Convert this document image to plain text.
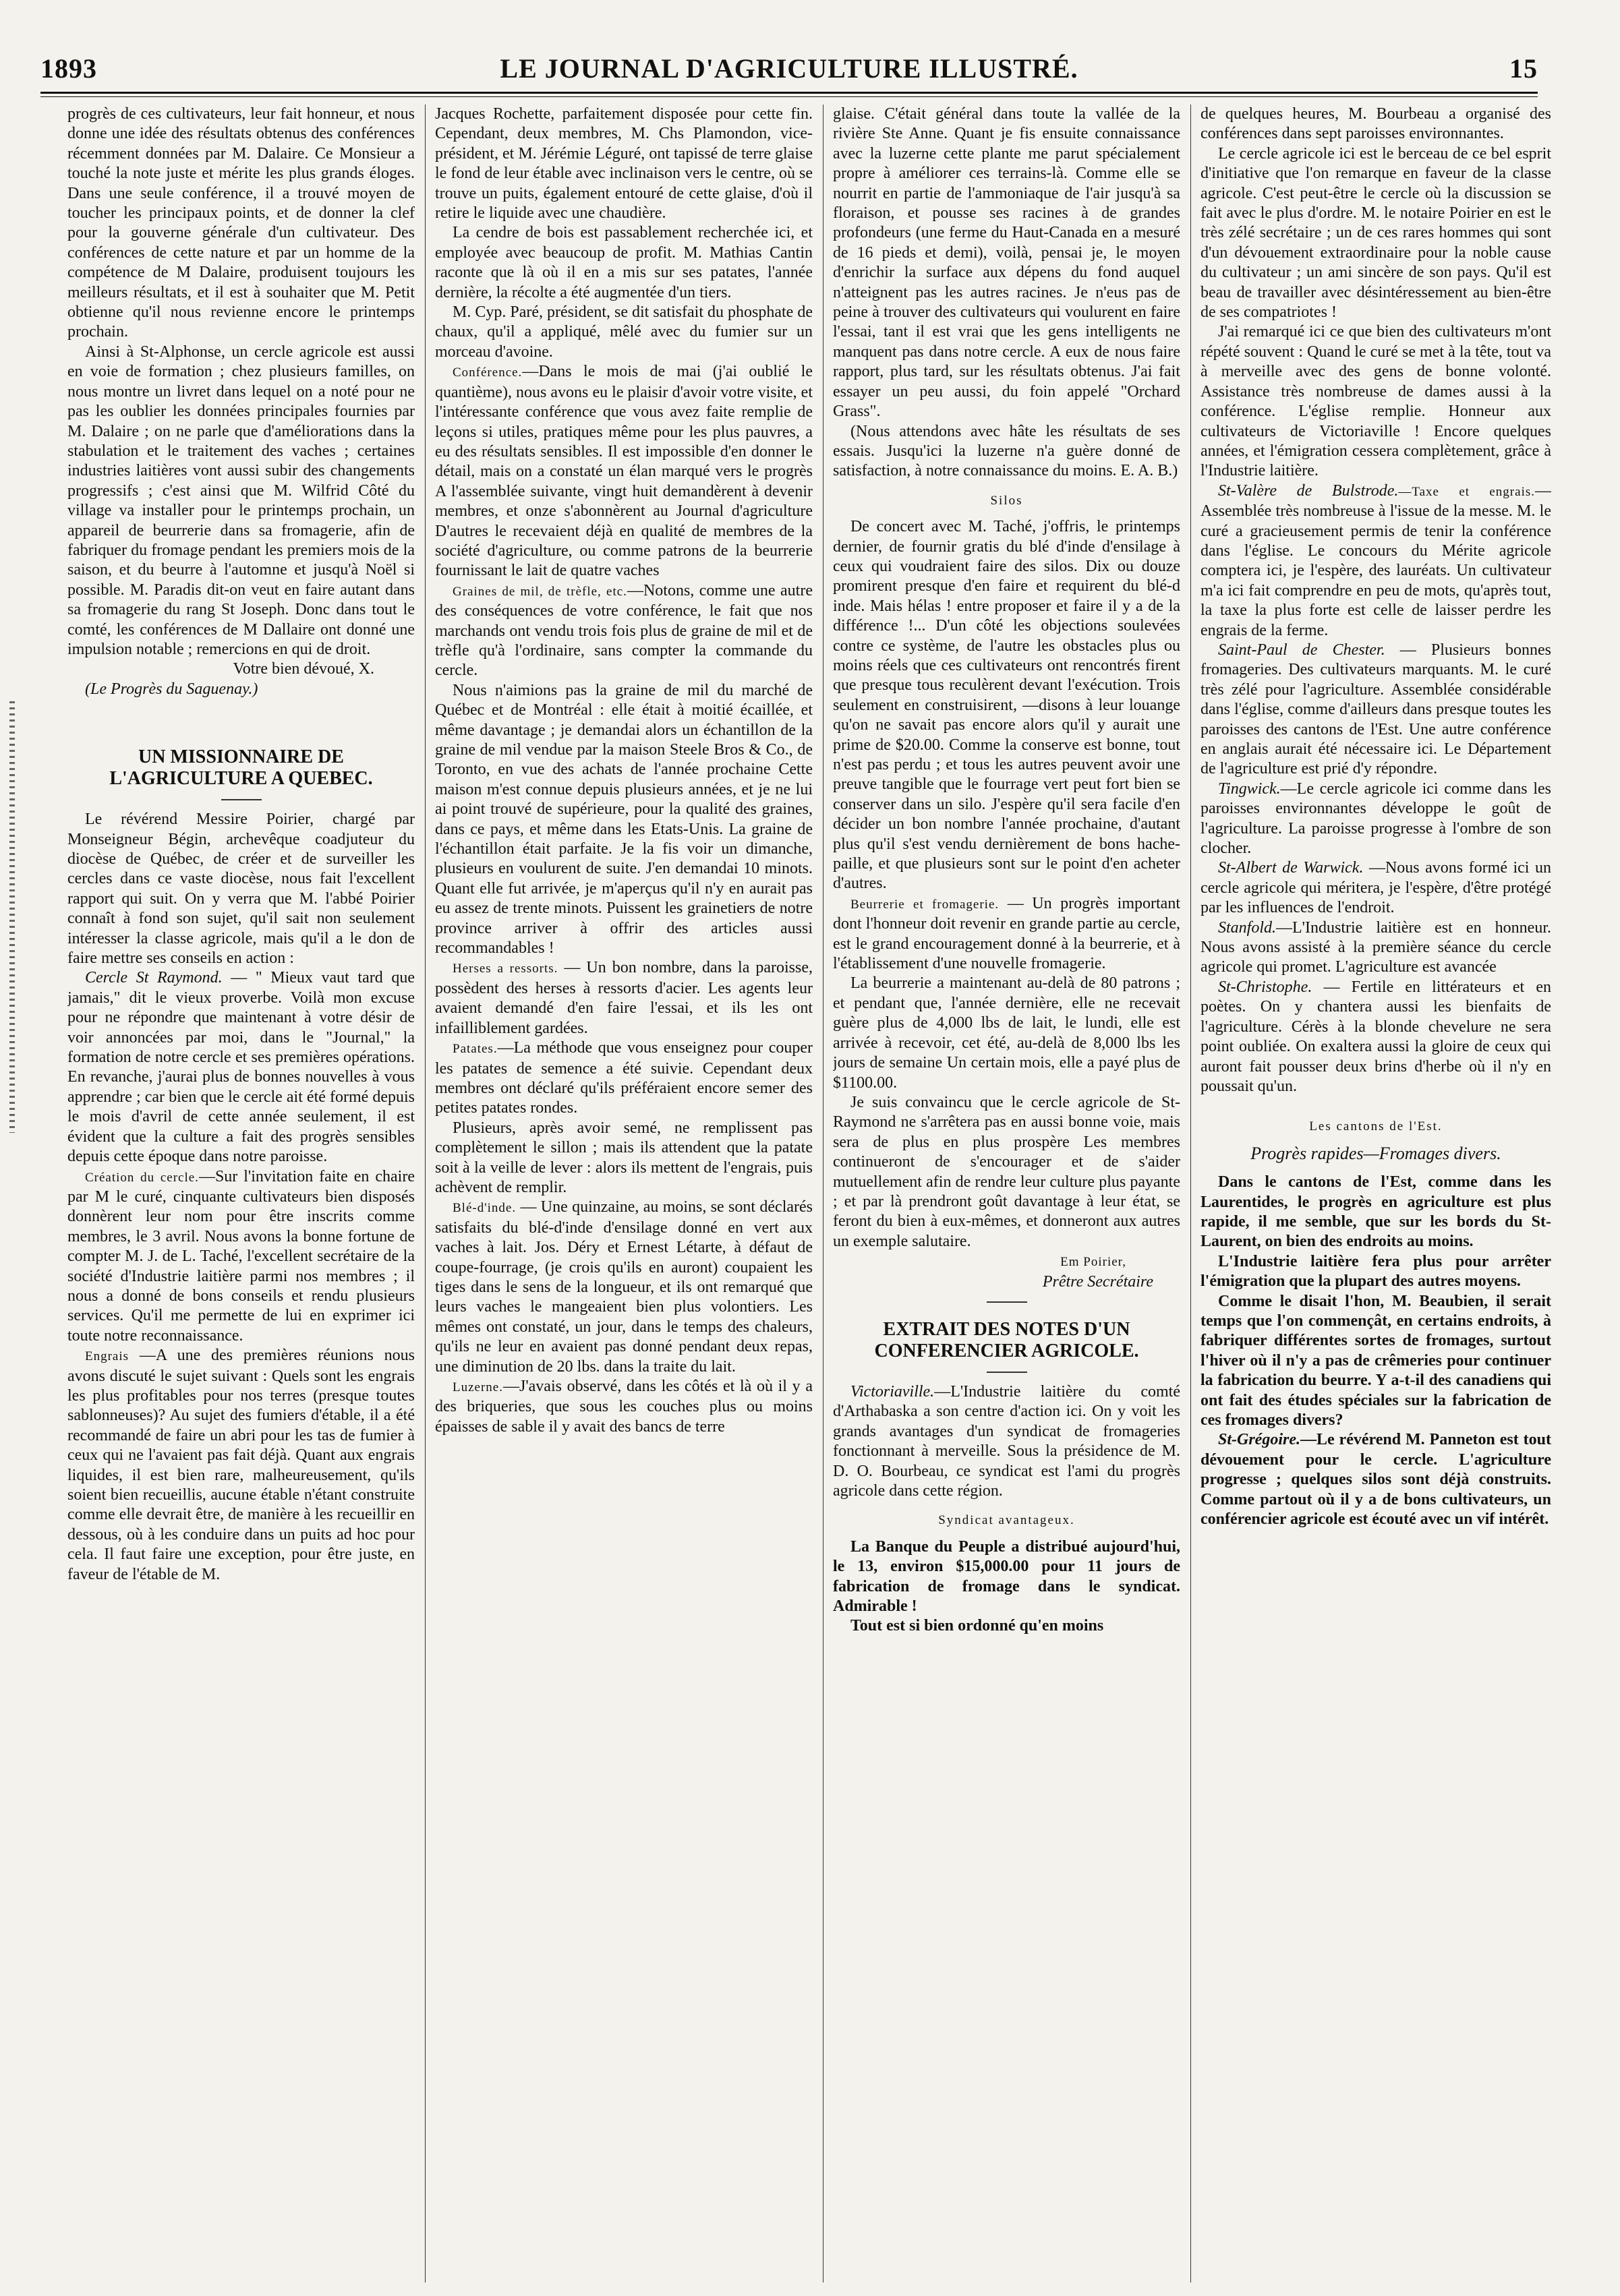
1893	LE JOURNAL D'AGRICULTURE ILLUSTRÉ.	15

progrès de ces cultivateurs, leur fait honneur, et nous donne une idée des résultats obtenus des conférences récemment données par M. Dalaire. Ce Monsieur a touché la note juste et mérite les plus grands éloges. Dans une seule conférence, il a trouvé moyen de toucher les principaux points, et de donner la clef pour la gouverne générale d'un cultivateur. Des conférences de cette nature et par un homme de la compétence de M Dalaire, produisent toujours les meilleurs résultats, et il est à souhaiter que M. Petit obtienne qu'il nous revienne encore le printemps prochain.

Ainsi à St-Alphonse, un cercle agricole est aussi en voie de formation ; chez plusieurs familles, on nous montre un livret dans lequel on a noté pour ne pas les oublier les données principales fournies par M. Dalaire ; on ne parle que d'améliorations dans la stabulation et le traitement des vaches ; certaines industries laitières vont aussi subir des changements progressifs ; c'est ainsi que M. Wilfrid Côté du village va installer pour le printemps prochain, un appareil de beurrerie dans sa fromagerie, afin de fabriquer du fromage pendant les premiers mois de la saison, et du beurre à l'automne et jusqu'à Noël si possible. M. Paradis dit-on veut en faire autant dans sa fromagerie du rang St Joseph. Donc dans tout le comté, les conférences de M Dallaire ont donné une impulsion notable ; remercions en qui de droit.

Votre bien dévoué, X.

(Le Progrès du Saguenay.)

UN MISSIONNAIRE DE L'AGRICULTURE A QUEBEC.

Le révérend Messire Poirier, chargé par Monseigneur Bégin, archevêque coadjuteur du diocèse de Québec, de créer et de surveiller les cercles dans ce vaste diocèse, nous fait l'excellent rapport qui suit. On y verra que M. l'abbé Poirier connaît à fond son sujet, qu'il sait non seulement intéresser la classe agricole, mais qu'il a le don de faire mettre ses conseils en action :

Cercle St Raymond. — " Mieux vaut tard que jamais," dit le vieux proverbe. Voilà mon excuse pour ne répondre que maintenant à votre désir de voir annoncées par moi, dans le "Journal," la formation de notre cercle et ses premières opérations. En revanche, j'aurai plus de bonnes nouvelles à vous apprendre ; car bien que le cercle ait été formé depuis le mois d'avril de cette année seulement, il est évident que la culture a fait des progrès sensibles depuis cette époque dans notre paroisse.

Création du cercle.—Sur l'invitation faite en chaire par M le curé, cinquante cultivateurs bien disposés donnèrent leur nom pour être inscrits comme membres, le 3 avril. Nous avons la bonne fortune de compter M. J. de L. Taché, l'excellent secrétaire de la société d'Industrie laitière parmi nos membres ; il nous a donné de bons conseils et rendu plusieurs services. Qu'il me permette de lui en exprimer ici toute notre reconnaissance.

Engrais —A une des premières réunions nous avons discuté le sujet suivant : Quels sont les engrais les plus profitables pour nos terres (presque toutes sablonneuses)? Au sujet des fumiers d'étable, il a été recommandé de faire un abri pour les tas de fumier à ceux qui ne l'avaient pas fait déjà. Quant aux engrais liquides, il est bien rare, malheureusement, qu'ils soient bien recueillis, aucune étable n'étant construite comme elle devrait être, de manière à les recueillir en dessous, où à les conduire dans un puits ad hoc pour cela. Il faut faire une exception, pour être juste, en faveur de l'étable de M.

Jacques Rochette, parfaitement disposée pour cette fin. Cependant, deux membres, M. Chs Plamondon, vice-président, et M. Jérémie Léguré, ont tapissé de terre glaise le fond de leur étable avec inclinaison vers le centre, où se trouve un puits, également entouré de cette glaise, d'où il retire le liquide avec une chaudière.

La cendre de bois est passablement recherchée ici, et employée avec beaucoup de profit. M. Mathias Cantin raconte que là où il en a mis sur ses patates, l'année dernière, la récolte a été augmentée d'un tiers.

M. Cyp. Paré, président, se dit satisfait du phosphate de chaux, qu'il a appliqué, mêlé avec du fumier sur un morceau d'avoine.

Conférence.—Dans le mois de mai (j'ai oublié le quantième), nous avons eu le plaisir d'avoir votre visite, et l'intéressante conférence que vous avez faite remplie de leçons si utiles, pratiques même pour les plus pauvres, a eu des résultats sensibles. Il est impossible d'en donner le détail, mais on a constaté un élan marqué vers le progrès A l'assemblée suivante, vingt huit demandèrent à devenir membres, et onze s'abonnèrent au Journal d'agriculture D'autres le recevaient déjà en qualité de membres de la société d'agriculture, ou comme patrons de la beurrerie fournissant le lait de quatre vaches

Graines de mil, de trèfle, etc.—Notons, comme une autre des conséquences de votre conférence, le fait que nos marchands ont vendu trois fois plus de graine de mil et de trèfle qu'à l'ordinaire, sans compter la commande du cercle.

Nous n'aimions pas la graine de mil du marché de Québec et de Montréal : elle était à moitié écaillée, et même davantage ; je demandai alors un échantillon de la graine de mil vendue par la maison Steele Bros & Co., de Toronto, en vue des achats de l'année prochaine Cette maison m'est connue depuis plusieurs années, et je ne lui ai point trouvé de supérieure, pour la qualité des graines, dans ce pays, et même dans les Etats-Unis. La graine de l'échantillon était parfaite. Je la fis voir un dimanche, plusieurs en voulurent de suite. J'en demandai 10 minots. Quant elle fut arrivée, je m'aperçus qu'il n'y en aurait pas eu assez de trente minots. Puissent les grainetiers de notre province arriver à offrir des articles aussi recommandables !

Herses a ressorts. — Un bon nombre, dans la paroisse, possèdent des herses à ressorts d'acier. Les agents leur avaient demandé d'en faire l'essai, et ils les ont infailliblement gardées.

Patates.—La méthode que vous enseignez pour couper les patates de semence a été suivie. Cependant deux membres ont déclaré qu'ils préféraient encore semer des petites patates rondes.

Plusieurs, après avoir semé, ne remplissent pas complètement le sillon ; mais ils attendent que la patate soit à la veille de lever : alors ils mettent de l'engrais, puis achèvent de remplir.

Blé-d'inde. — Une quinzaine, au moins, se sont déclarés satisfaits du blé-d'inde d'ensilage donné en vert aux vaches à lait. Jos. Déry et Ernest Létarte, à défaut de coupe-fourrage, (je crois qu'ils en auront) coupaient les tiges dans le sens de la longueur, et ils ont remarqué que leurs vaches le mangeaient bien plus volontiers. Les mêmes ont constaté, un jour, dans le temps des chaleurs, qu'ils ne leur en avaient pas donné pendant deux repas, une diminution de 20 lbs. dans la traite du lait.

Luzerne.—J'avais observé, dans les côtés et là où il y a des briqueries, que sous les couches plus ou moins épaisses de sable il y avait des bancs de terre

glaise. C'était général dans toute la vallée de la rivière Ste Anne. Quant je fis ensuite connaissance avec la luzerne cette plante me parut spécialement propre à améliorer ces terrains-là. Comme elle se nourrit en partie de l'ammoniaque de l'air jusqu'à sa floraison, et pousse ses racines à de grandes profondeurs (une ferme du Haut-Canada en a mesuré de 16 pieds et demi), voilà, pensai je, le moyen d'enrichir la surface aux dépens du fond auquel n'atteignent pas les autres racines. Je n'eus pas de peine à trouver des cultivateurs qui voulurent en faire l'essai, tant il est vrai que les gens intelligents ne manquent pas dans notre cercle. A eux de nous faire rapport, plus tard, sur les résultats obtenus. J'ai fait essayer un peu aussi, du foin appelé "Orchard Grass".

(Nous attendons avec hâte les résultats de ses essais. Jusqu'ici la luzerne n'a guère donné de satisfaction, à notre connaissance du moins. E. A. B.)

Silos

De concert avec M. Taché, j'offris, le printemps dernier, de fournir gratis du blé d'inde d'ensilage à ceux qui voudraient faire des silos. Dix ou douze promirent presque d'en faire et requirent du blé-d inde. Mais hélas ! entre proposer et faire il y a de la différence !... D'un côté les objections soulevées contre ce système, de l'autre les obstacles plus ou moins réels que ces cultivateurs ont rencontrés firent que presque tous reculèrent devant l'exécution. Trois seulement en construisirent, —disons à leur louange qu'on ne savait pas encore alors qu'il y aurait une prime de $20.00. Comme la conserve est bonne, tout n'est pas perdu ; et tous les autres peuvent avoir une preuve tangible que le fourrage vert peut fort bien se conserver dans un silo. J'espère qu'il sera facile d'en décider un bon nombre l'année prochaine, d'autant plus qu'il s'est vendu dernièrement de bons hache-paille, et que plusieurs sont sur le point d'en acheter d'autres.

Beurrerie et fromagerie. — Un progrès important dont l'honneur doit revenir en grande partie au cercle, est le grand encouragement donné à la beurrerie, et à l'établissement d'une nouvelle fromagerie.

La beurrerie a maintenant au-delà de 80 patrons ; et pendant que, l'année dernière, elle ne recevait guère plus de 4,000 lbs de lait, le lundi, elle est arrivée à recevoir, cet été, au-delà de 8,000 lbs les jours de semaine Un certain mois, elle a payé plus de $1100.00.

Je suis convaincu que le cercle agricole de St-Raymond ne s'arrêtera pas en aussi bonne voie, mais sera de plus en plus prospère Les membres continueront de s'encourager et de s'aider mutuellement afin de rendre leur culture plus payante ; et par là prendront goût davantage à leur état, se feront du bien à eux-mêmes, et donneront aux autres un exemple salutaire.

Em Poirier,

Prêtre Secrétaire

EXTRAIT DES NOTES D'UN CONFERENCIER AGRICOLE.

Victoriaville.—L'Industrie laitière du comté d'Arthabaska a son centre d'action ici. On y voit les grands avantages d'un syndicat de fromageries fonctionnant à merveille. Sous la présidence de M. D. O. Bourbeau, ce syndicat est l'ami du progrès agricole dans cette région.

Syndicat avantageux.

La Banque du Peuple a distribué aujourd'hui, le 13, environ $15,000.00 pour 11 jours de fabrication de fromage dans le syndicat. Admirable !

Tout est si bien ordonné qu'en moins

de quelques heures, M. Bourbeau a organisé des conférences dans sept paroisses environnantes.

Le cercle agricole ici est le berceau de ce bel esprit d'initiative que l'on remarque en faveur de la classe agricole. C'est peut-être le cercle où la discussion se fait avec le plus d'ordre. M. le notaire Poirier en est le très zélé secrétaire ; un de ces rares hommes qui sont d'un dévouement extraordinaire pour la noble cause du cultivateur ; un ami sincère de son pays. Qu'il est beau de travailler avec désintéressement au bien-être de ses compatriotes !

J'ai remarqué ici ce que bien des cultivateurs m'ont répété souvent : Quand le curé se met à la tête, tout va à merveille avec des gens de bonne volonté. Assistance très nombreuse de dames aussi à la conférence. L'église remplie. Honneur aux cultivateurs de Victoriaville ! Encore quelques années, et l'émigration cessera complètement, grâce à l'Industrie laitière.

St-Valère de Bulstrode.—Taxe et engrais.—Assemblée très nombreuse à l'issue de la messe. M. le curé a gracieusement permis de tenir la conférence dans l'église. Le concours du Mérite agricole comptera ici, je l'espère, des lauréats. Un cultivateur m'a ici fait comprendre en peu de mots, qu'après tout, la taxe la plus forte est celle de laisser perdre les engrais de la ferme.

Saint-Paul de Chester. — Plusieurs bonnes fromageries. Des cultivateurs marquants. M. le curé très zélé pour l'agriculture. Assemblée considérable dans l'église, comme d'ailleurs dans presque toutes les paroisses des cantons de l'Est. Une autre conférence en anglais aurait été nécessaire ici. Le Département de l'agriculture est prié d'y répondre.

Tingwick.—Le cercle agricole ici comme dans les paroisses environnantes développe le goût de l'agriculture. La paroisse progresse à l'ombre de son clocher.

St-Albert de Warwick. —Nous avons formé ici un cercle agricole qui méritera, je l'espère, d'être protégé par les influences de l'endroit.

Stanfold.—L'Industrie laitière est en honneur. Nous avons assisté à la première séance du cercle agricole qui promet. L'agriculture est avancée

St-Christophe. — Fertile en littérateurs et en poètes. On y chantera aussi les bienfaits de l'agriculture. Cérès à la blonde chevelure ne sera point oubliée. On exaltera aussi la gloire de ceux qui auront fait pousser deux brins d'herbe où il n'y en poussait qu'un.

Les cantons de l'Est.
Progrès rapides—Fromages divers.

Dans le cantons de l'Est, comme dans les Laurentides, le progrès en agriculture est plus rapide, il me semble, que sur les bords du St-Laurent, on bien des endroits au moins.

L'Industrie laitière fera plus pour arrêter l'émigration que la plupart des autres moyens.

Comme le disait l'hon, M. Beaubien, il serait temps que l'on commençât, en certains endroits, à fabriquer différentes sortes de fromages, surtout l'hiver où il n'y a pas de crêmeries pour continuer la fabrication du beurre. Y a-t-il des canadiens qui ont fait des études spéciales sur la fabrication de ces fromages divers?

St-Grégoire.—Le révérend M. Panneton est tout dévouement pour le cercle. L'agriculture progresse ; quelques silos sont déjà construits. Comme partout où il y a de bons cultivateurs, un conférencier agricole est écouté avec un vif intérêt.
